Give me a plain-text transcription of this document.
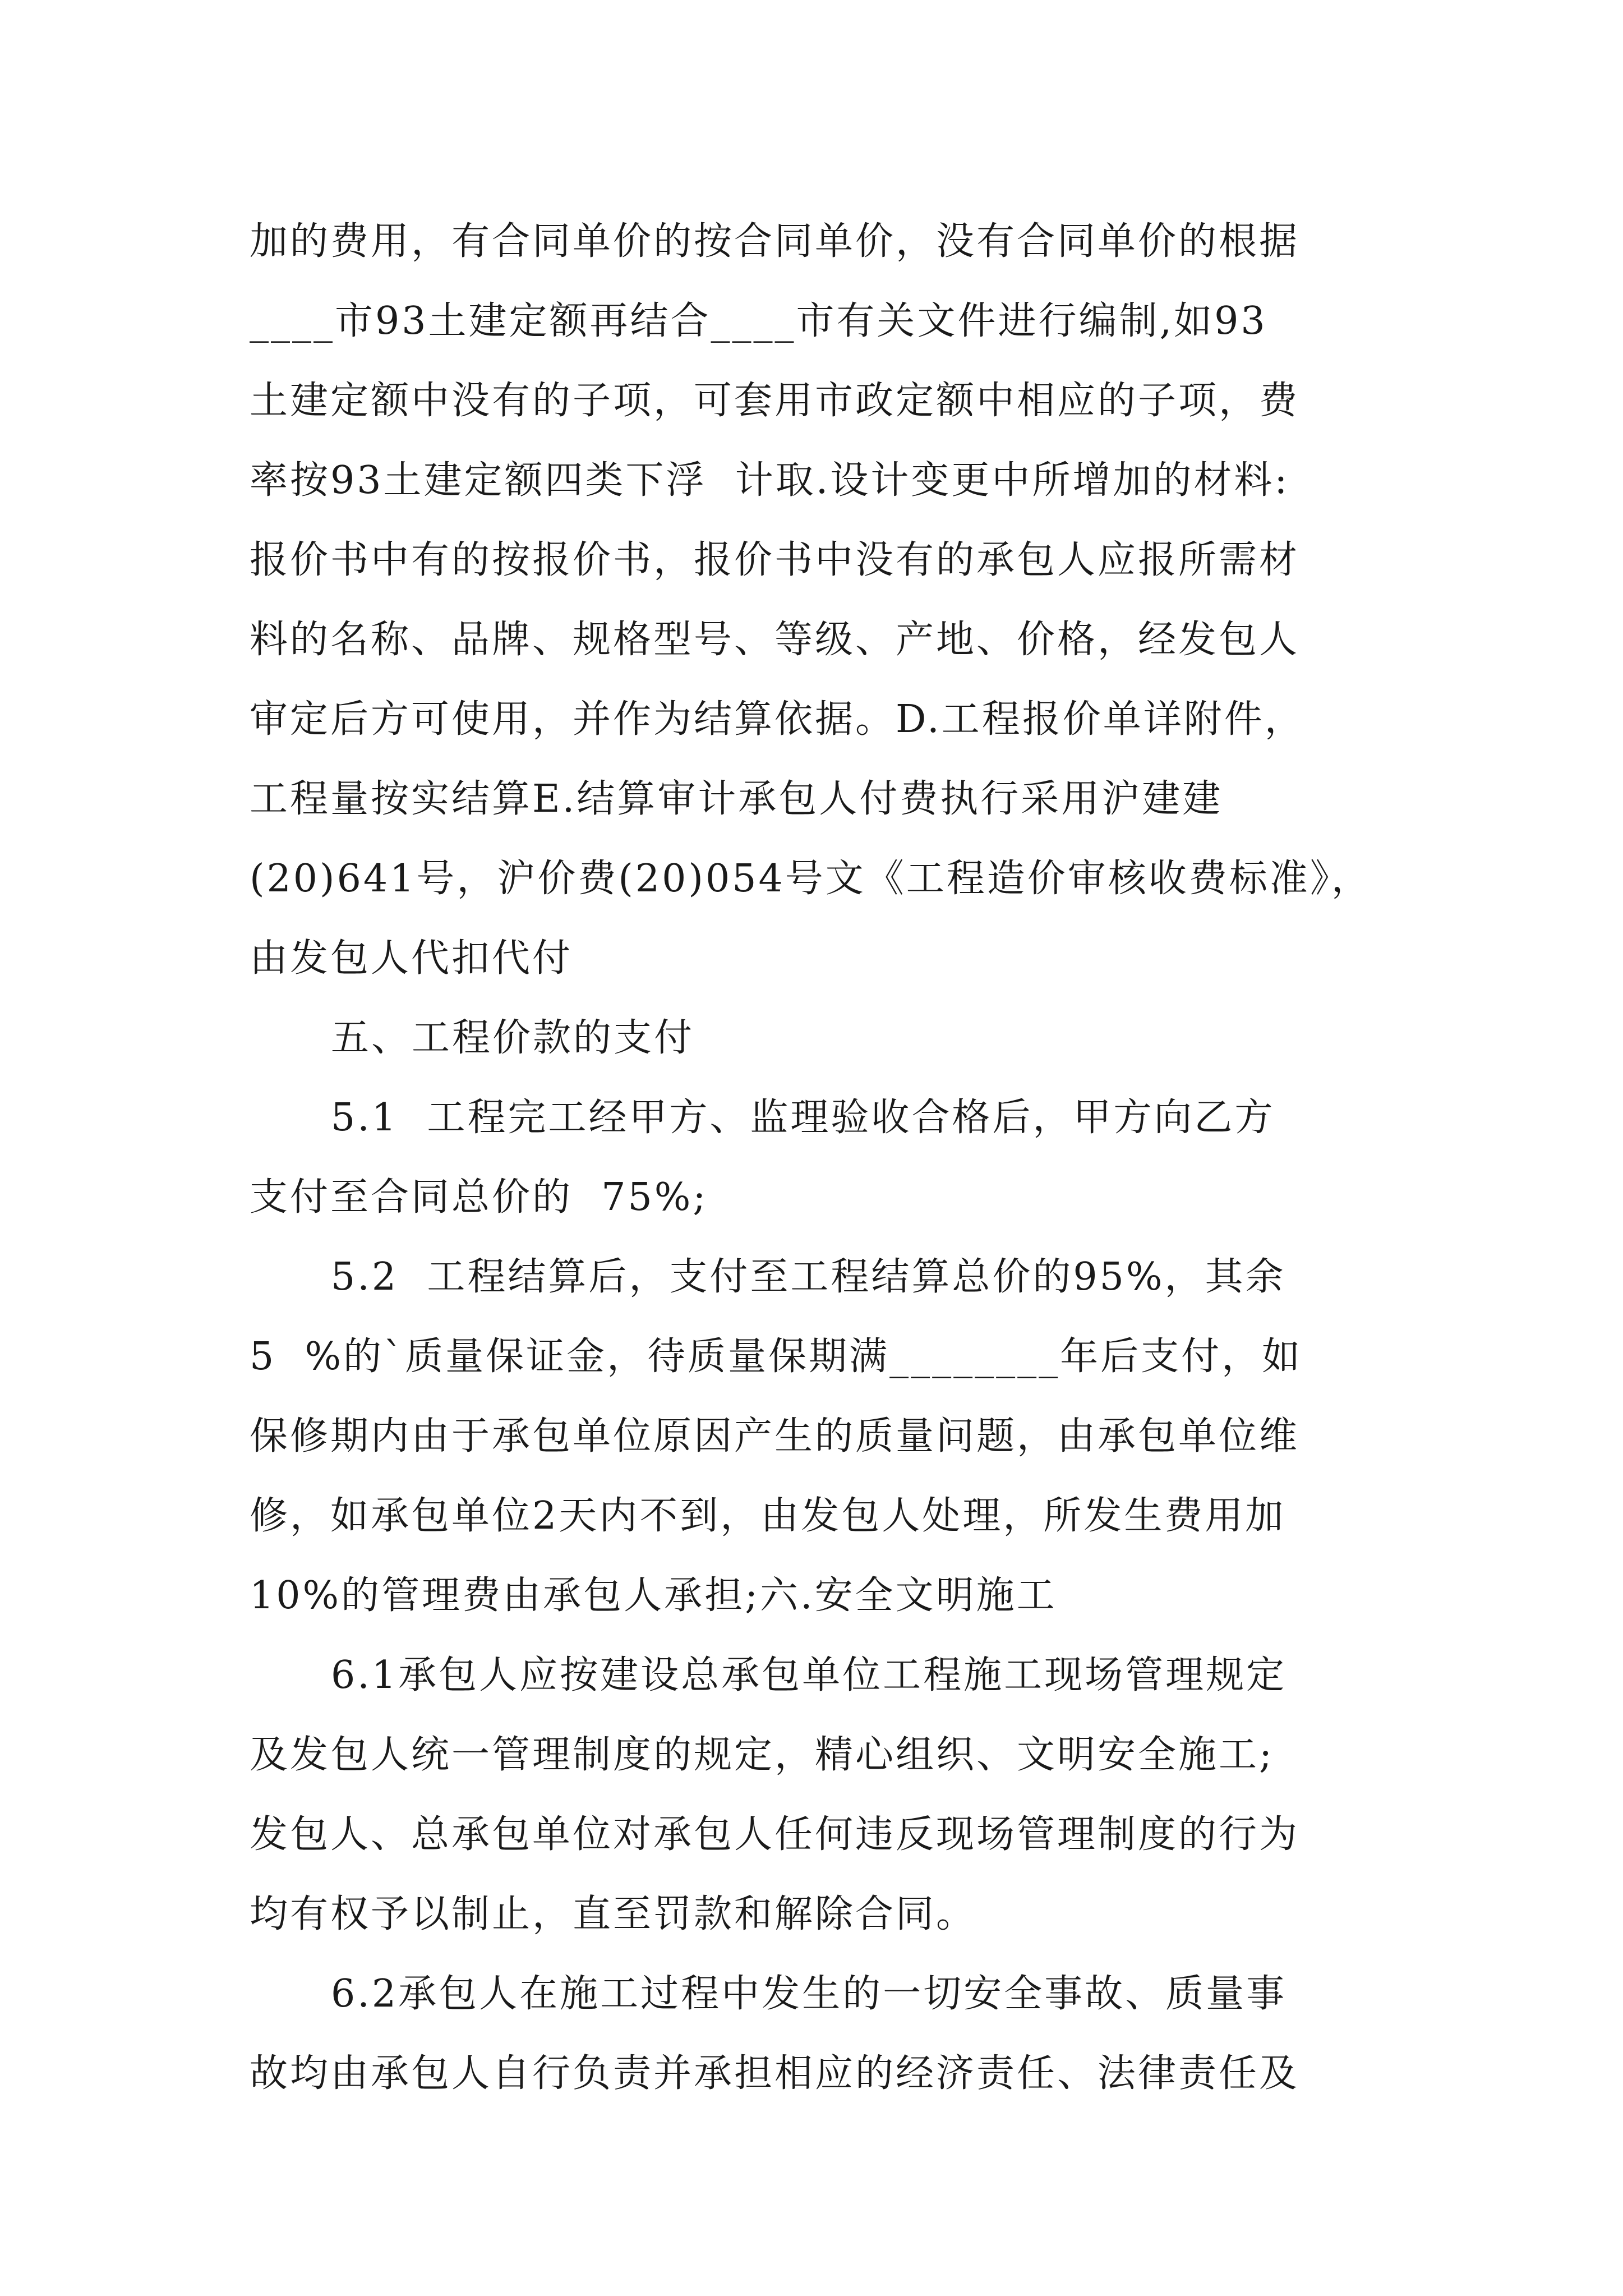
加的费用，有合同单价的按合同单价，没有合同单价的根据
____市93土建定额再结合____市有关文件进行编制,如93
土建定额中没有的子项，可套用市政定额中相应的子项，费
率按93土建定额四类下浮  计取.设计变更中所增加的材料:
报价书中有的按报价书，报价书中没有的承包人应报所需材
料的名称、品牌、规格型号、等级、产地、价格，经发包人
审定后方可使用，并作为结算依据。D.工程报价单详附件，
工程量按实结算E.结算审计承包人付费执行采用沪建建
(20)641号，沪价费(20)054号文《工程造价审核收费标准》，
由发包人代扣代付
五、工程价款的支付
5.1  工程完工经甲方、监理验收合格后，甲方向乙方
支付至合同总价的  75%;
5.2  工程结算后，支付至工程结算总价的95%，其余
5  %的`质量保证金，待质量保期满________年后支付，如
保修期内由于承包单位原因产生的质量问题，由承包单位维
修，如承包单位2天内不到，由发包人处理，所发生费用加
10%的管理费由承包人承担;六.安全文明施工
6.1承包人应按建设总承包单位工程施工现场管理规定
及发包人统一管理制度的规定，精心组织、文明安全施工;
发包人、总承包单位对承包人任何违反现场管理制度的行为
均有权予以制止，直至罚款和解除合同。
6.2承包人在施工过程中发生的一切安全事故、质量事
故均由承包人自行负责并承担相应的经济责任、法律责任及
